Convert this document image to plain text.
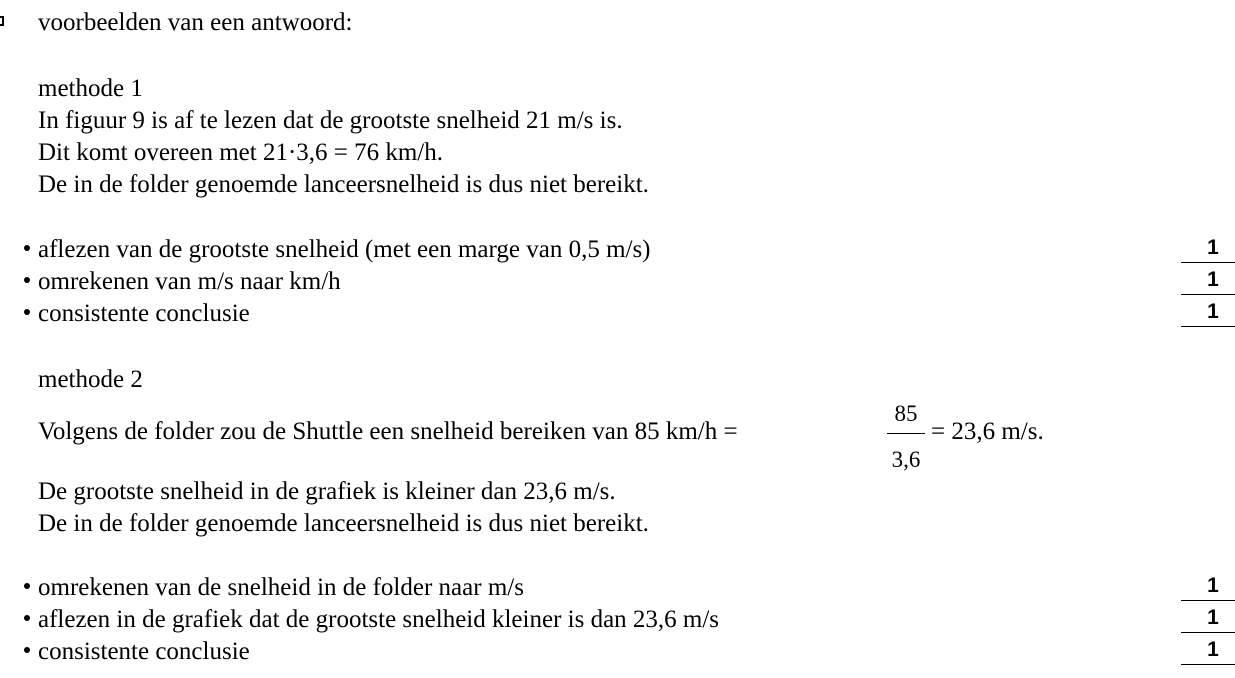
voorbeelden van een antwoord:
methode 1
In figuur 9 is af te lezen dat de grootste snelheid 21 m/s is.
Dit komt overeen met 21·3,6 = 76 km/h.
De in de folder genoemde lanceersnelheid is dus niet bereikt.
aflezen van de grootste snelheid (met een marge van 0,5 m/s)	1
omrekenen van m/s naar km/h	1
consistente conclusie	1
methode 2
Volgens de folder zou de Shuttle een snelheid bereiken van 85 km/h =
85
3,6
= 23,6 m/s.
De grootste snelheid in de grafiek is kleiner dan 23,6 m/s.
De in de folder genoemde lanceersnelheid is dus niet bereikt.
omrekenen van de snelheid in de folder naar m/s	1
aflezen in de grafiek dat de grootste snelheid kleiner is dan 23,6 m/s	1
consistente conclusie	1
